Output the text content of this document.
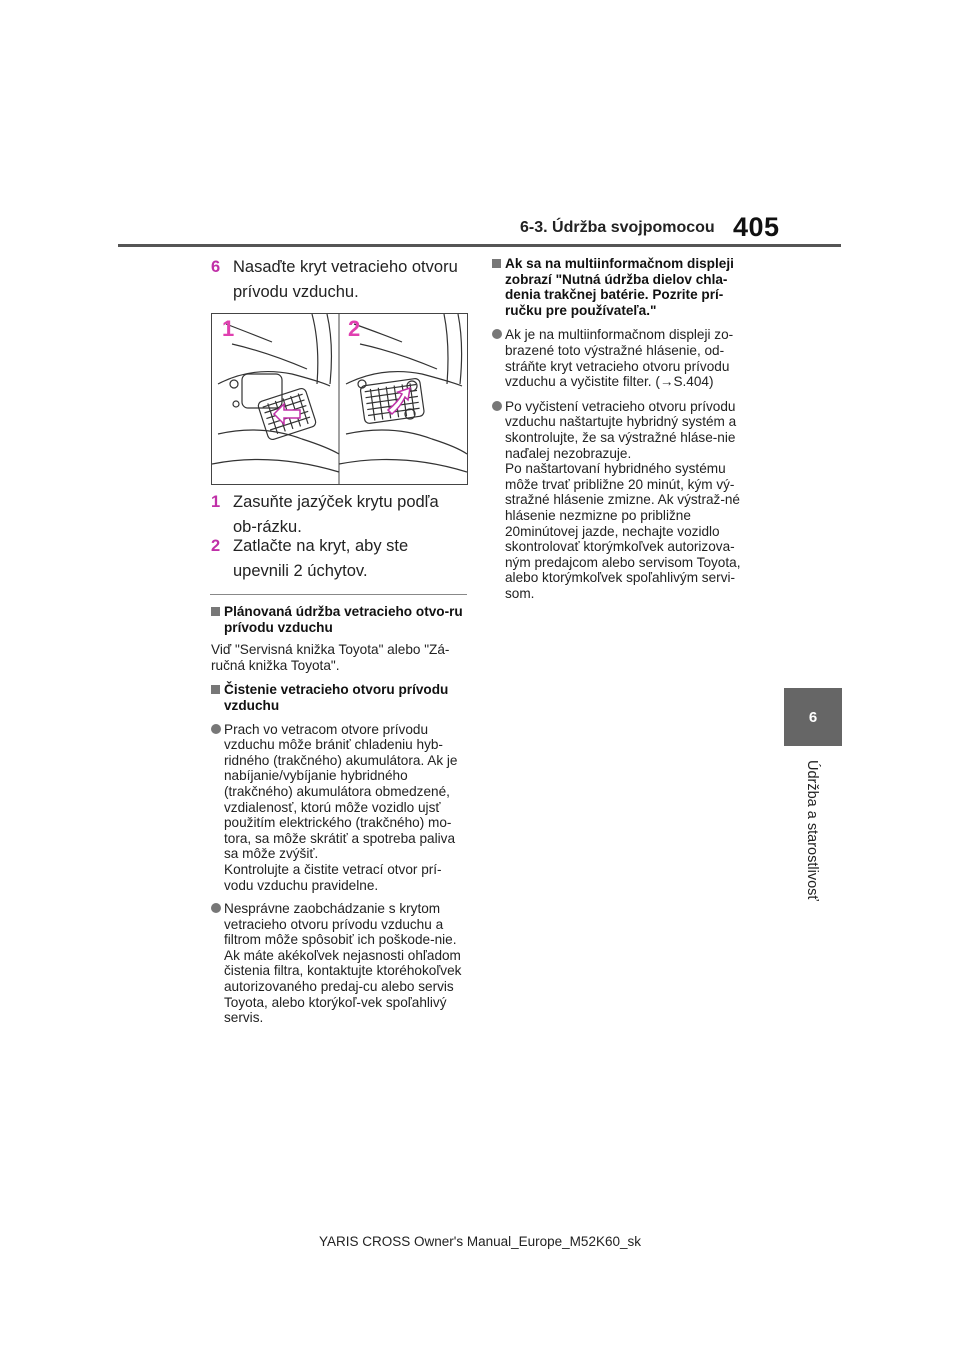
6-3. Údržba svojpomocou 405
6
Údržba a starostlivosť
6 Nasaďte kryt vetracieho otvoru prívodu vzduchu.
1	2
1 Zasuňte jazýček krytu podľa ob-rázku.
2 Zatlačte na kryt, aby ste upevnili 2 úchytov.
Plánovaná údržba vetracieho otvo-ru prívodu vzduchu
Viď "Servisná knižka Toyota" alebo "Zá-ručná knižka Toyota".
Čistenie vetracieho otvoru prívodu vzduchu
Prach vo vetracom otvore prívodu vzduchu môže brániť chladeniu hyb-ridného (trakčného) akumulátora. Ak je nabíjanie/vybíjanie hybridného (trakčného) akumulátora obmedzené, vzdialenosť, ktorú môže vozidlo ujsť použitím elektrického (trakčného) mo-tora, sa môže skrátiť a spotreba paliva sa môže zvýšiť.
Kontrolujte a čistite vetrací otvor prí-vodu vzduchu pravidelne.
Nesprávne zaobchádzanie s krytom vetracieho otvoru prívodu vzduchu a filtrom môže spôsobiť ich poškode-nie. Ak máte akékoľvek nejasnosti ohľadom čistenia filtra, kontaktujte ktoréhokoľvek autorizovaného predaj-cu alebo servis Toyota, alebo ktorýkoľ-vek spoľahlivý servis.
Ak sa na multiinformačnom displeji zobrazí "Nutná údržba dielov chla-denia trakčnej batérie. Pozrite prí-ručku pre používateľa."
Ak je na multiinformačnom displeji zo-brazené toto výstražné hlásenie, od-stráňte kryt vetracieho otvoru prívodu vzduchu a vyčistite filter. (→S.404)
Po vyčistení vetracieho otvoru prívodu vzduchu naštartujte hybridný systém a skontrolujte, že sa výstražné hláse-nie naďalej nezobrazuje.
Po naštartovaní hybridného systému môže trvať približne 20 minút, kým vý-stražné hlásenie zmizne. Ak výstraž-né hlásenie nezmizne po približne 20minútovej jazde, nechajte vozidlo skontrolovať ktorýmkoľvek autorizova-ným predajcom alebo servisom Toyota, alebo ktorýmkoľvek spoľahlivým servi-som.
YARIS CROSS Owner's Manual_Europe_M52K60_sk
